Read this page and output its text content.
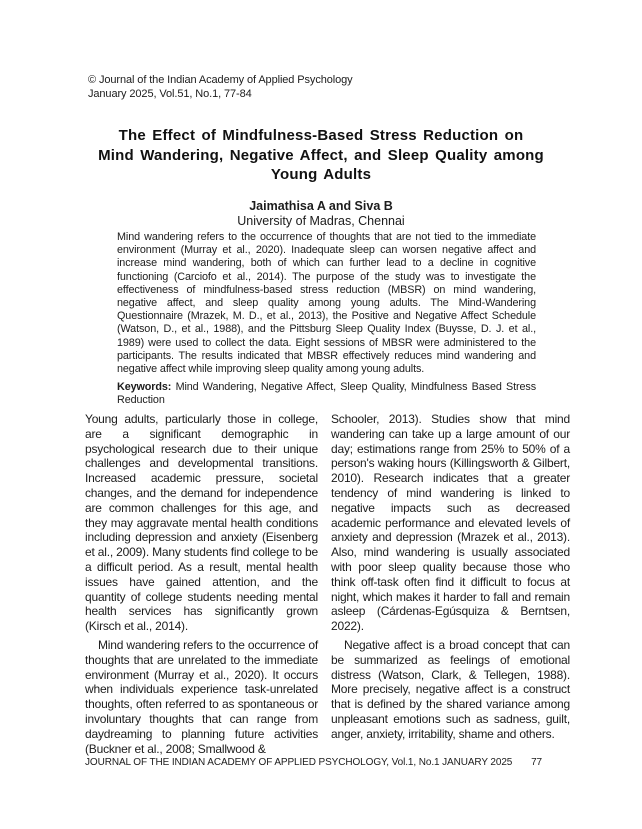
© Journal of the Indian Academy of Applied Psychology
January 2025, Vol.51, No.1, 77-84
The Effect of Mindfulness-Based Stress Reduction on
Mind Wandering, Negative Affect, and Sleep Quality among
Young Adults
Jaimathisa A and Siva B
University of Madras, Chennai

Mind wandering refers to the occurrence of thoughts that are not tied to the immediate environment (Murray et al., 2020). Inadequate sleep can worsen negative affect and increase mind wandering, both of which can further lead to a decline in cognitive functioning (Carciofo et al., 2014). The purpose of the study was to investigate the effectiveness of mindfulness-based stress reduction (MBSR) on mind wandering, negative affect, and sleep quality among young adults. The Mind-Wandering Questionnaire (Mrazek, M. D., et al., 2013), the Positive and Negative Affect Schedule (Watson, D., et al., 1988), and the Pittsburg Sleep Quality Index (Buysse, D. J. et al., 1989) were used to collect the data. Eight sessions of MBSR were administered to the participants. The results indicated that MBSR effectively reduces mind wandering and negative affect while improving sleep quality among young adults.

Keywords: Mind Wandering, Negative Affect, Sleep Quality, Mindfulness Based Stress Reduction

Young adults, particularly those in college, are a significant demographic in psychological research due to their unique challenges and developmental transitions. Increased academic pressure, societal changes, and the demand for independence are common challenges for this age, and they may aggravate mental health conditions including depression and anxiety (Eisenberg et al., 2009). Many students find college to be a difficult period. As a result, mental health issues have gained attention, and the quantity of college students needing mental health services has significantly grown (Kirsch et al., 2014).

Mind wandering refers to the occurrence of thoughts that are unrelated to the immediate environment (Murray et al., 2020). It occurs when individuals experience task-unrelated thoughts, often referred to as spontaneous or involuntary thoughts that can range from daydreaming to planning future activities (Buckner et al., 2008; Smallwood &

Schooler, 2013). Studies show that mind wandering can take up a large amount of our day; estimations range from 25% to 50% of a person's waking hours (Killingsworth & Gilbert, 2010). Research indicates that a greater tendency of mind wandering is linked to negative impacts such as decreased academic performance and elevated levels of anxiety and depression (Mrazek et al., 2013). Also, mind wandering is usually associated with poor sleep quality because those who think off-task often find it difficult to focus at night, which makes it harder to fall and remain asleep (Cárdenas-Egúsquiza & Berntsen, 2022).

Negative affect is a broad concept that can be summarized as feelings of emotional distress (Watson, Clark, & Tellegen, 1988). More precisely, negative affect is a construct that is defined by the shared variance among unpleasant emotions such as sadness, guilt, anger, anxiety, irritability, shame and others.

JOURNAL OF THE INDIAN ACADEMY OF APPLIED PSYCHOLOGY, Vol.1, No.1 JANUARY 2025 77
